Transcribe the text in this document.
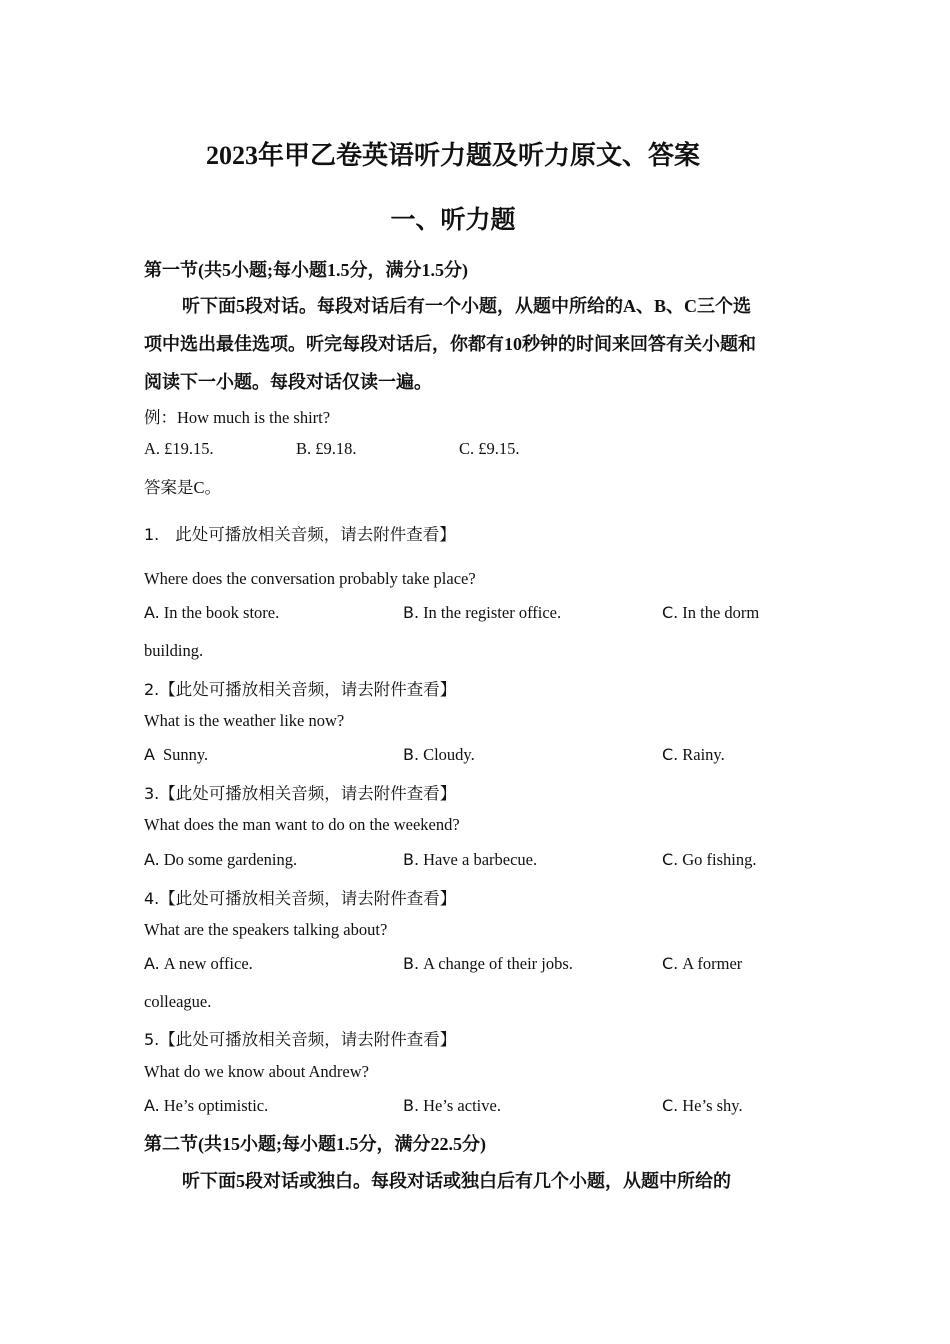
2023年甲乙卷英语听力题及听力原文、答案
一、听力题
第一节(共5小题;每小题1.5分，满分1.5分)
听下面5段对话。每段对话后有一个小题，从题中所给的A、B、C三个选
项中选出最佳选项。听完每段对话后，你都有10秒钟的时间来回答有关小题和
阅读下一小题。每段对话仅读一遍。
例：How much is the shirt?
A. £19.15.	B. £9.18.	C. £9.15.
答案是C。
1. 此处可播放相关音频，请去附件查看】
Where does the conversation probably take place?
A. In the book store.	B. In the register office.	C. In the dorm
building.
2.【此处可播放相关音频，请去附件查看】
What is the weather like now?
A Sunny.	B. Cloudy.	C. Rainy.
3.【此处可播放相关音频，请去附件查看】
What does the man want to do on the weekend?
A. Do some gardening.	B. Have a barbecue.	C. Go fishing.
4.【此处可播放相关音频，请去附件查看】
What are the speakers talking about?
A. A new office.	B. A change of their jobs.	C. A former
colleague.
5.【此处可播放相关音频，请去附件查看】
What do we know about Andrew?
A. He’s optimistic.	B. He’s active.	C. He’s shy.
第二节(共15小题;每小题1.5分，满分22.5分)
听下面5段对话或独白。每段对话或独白后有几个小题，从题中所给的
